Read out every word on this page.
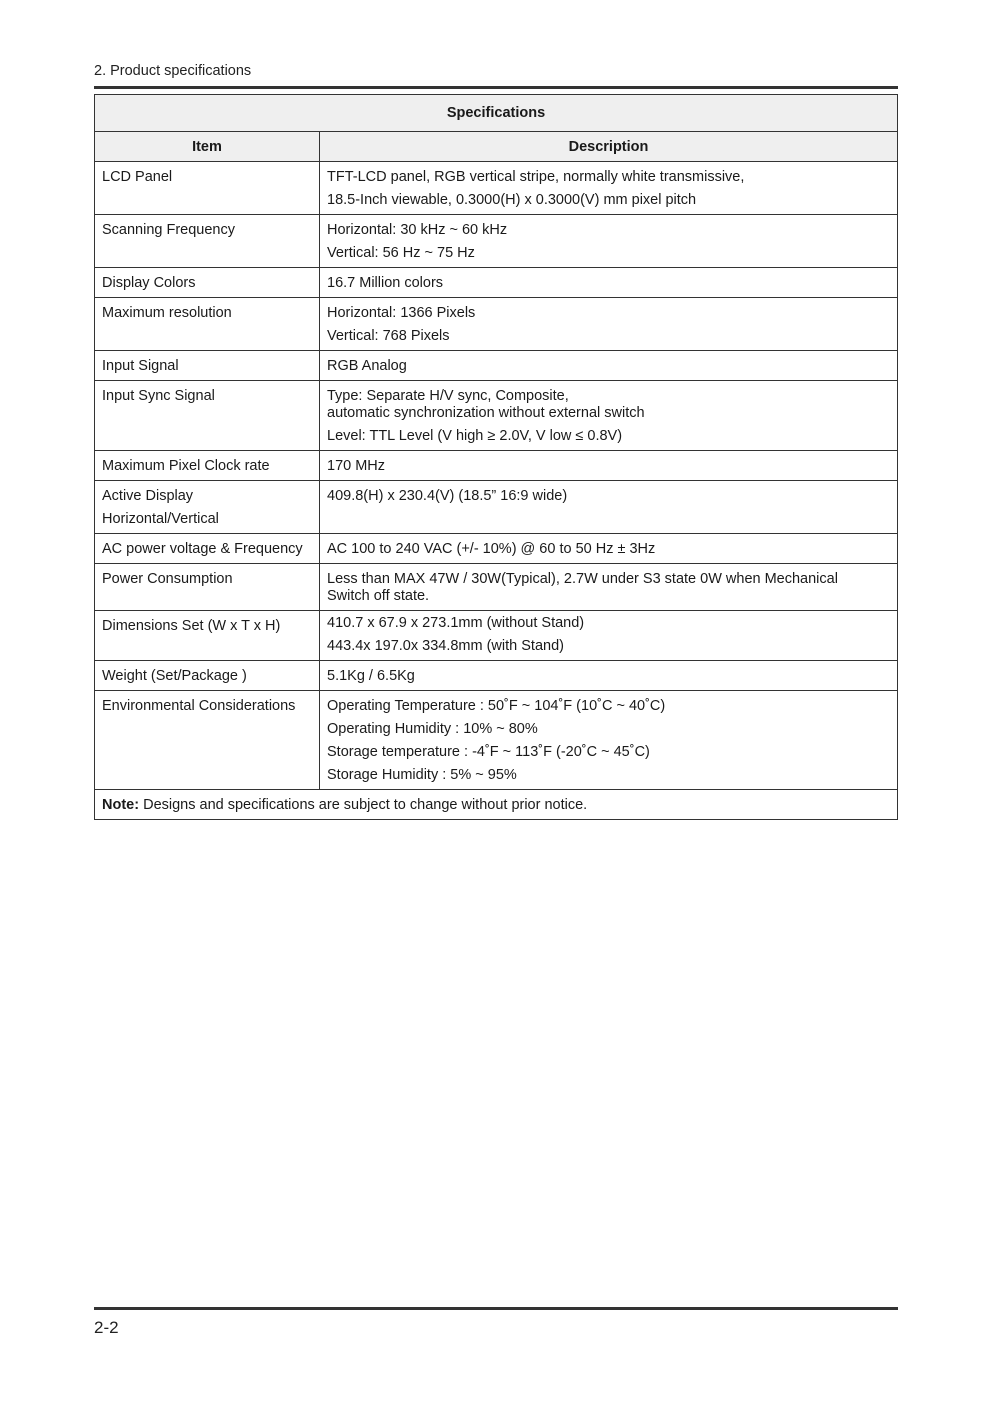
2. Product specifications
Specifications	
Item	Description

LCD Panel	TFT-LCD panel, RGB vertical stripe, normally white transmissive,
18.5-Inch viewable, 0.3000(H) x 0.3000(V) mm pixel pitch

Scanning Frequency	Horizontal: 30 kHz ~ 60 kHz
Vertical: 56 Hz ~ 75 Hz

Display Colors	16.7 Million colors

Maximum resolution	Horizontal: 1366 Pixels
Vertical: 768 Pixels

Input Signal	RGB Analog

Input Sync Signal	Type: Separate H/V sync, Composite,
automatic synchronization without external switch
Level: TTL Level (V high ≥ 2.0V, V low ≤ 0.8V)

Maximum Pixel Clock rate	170 MHz

Active Display
Horizontal/Vertical	409.8(H) x 230.4(V) (18.5” 16:9 wide)

AC power voltage & Frequency	AC 100 to 240 VAC (+/- 10%) @ 60 to 50 Hz ± 3Hz

Power Consumption	Less than MAX 47W / 30W(Typical), 2.7W under S3 state 0W when Mechanical
Switch off state.

Dimensions Set (W x T x H)	410.7 x 67.9 x 273.1mm (without Stand)
443.4x 197.0x 334.8mm (with Stand)

Weight (Set/Package )	5.1Kg / 6.5Kg

Environmental Considerations	Operating Temperature : 50˚F ~ 104˚F (10˚C ~ 40˚C)
Operating Humidity : 10% ~ 80%
Storage temperature : -4˚F ~ 113˚F (-20˚C ~ 45˚C)
Storage Humidity : 5% ~ 95%

Note: Designs and specifications are subject to change without prior notice.	
2-2
